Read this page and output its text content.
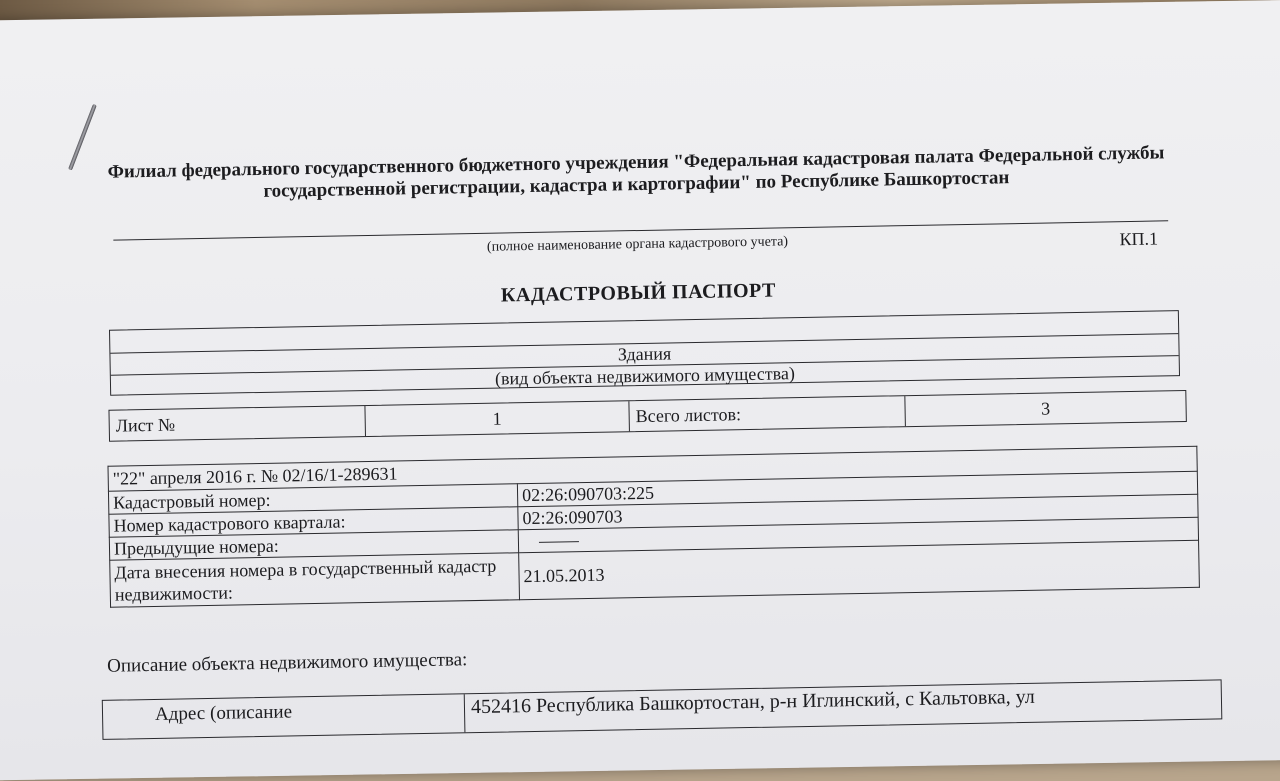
Филиал федерального государственного бюджетного учреждения "Федеральная кадастровая палата Федеральной службы государственной регистрации, кадастра и картографии" по Республике Башкортостан
(полное наименование органа кадастрового учета)	КП.1
КАДАСТРОВЫЙ ПАСПОРТ
Здания
(вид объекта недвижимого имущества)
Лист №	1	Всего листов:	3
"22" апреля 2016 г. № 02/16/1-289631	
Кадастровый номер:	02:26:090703:225
Номер кадастрового квартала:	02:26:090703
Предыдущие номера:	
Дата внесения номера в государственный кадастр недвижимости:	21.05.2013
Описание объекта недвижимого имущества:
Адрес (описание	452416 Республика Башкортостан, р-н Иглинский, с Кальтовка, ул
